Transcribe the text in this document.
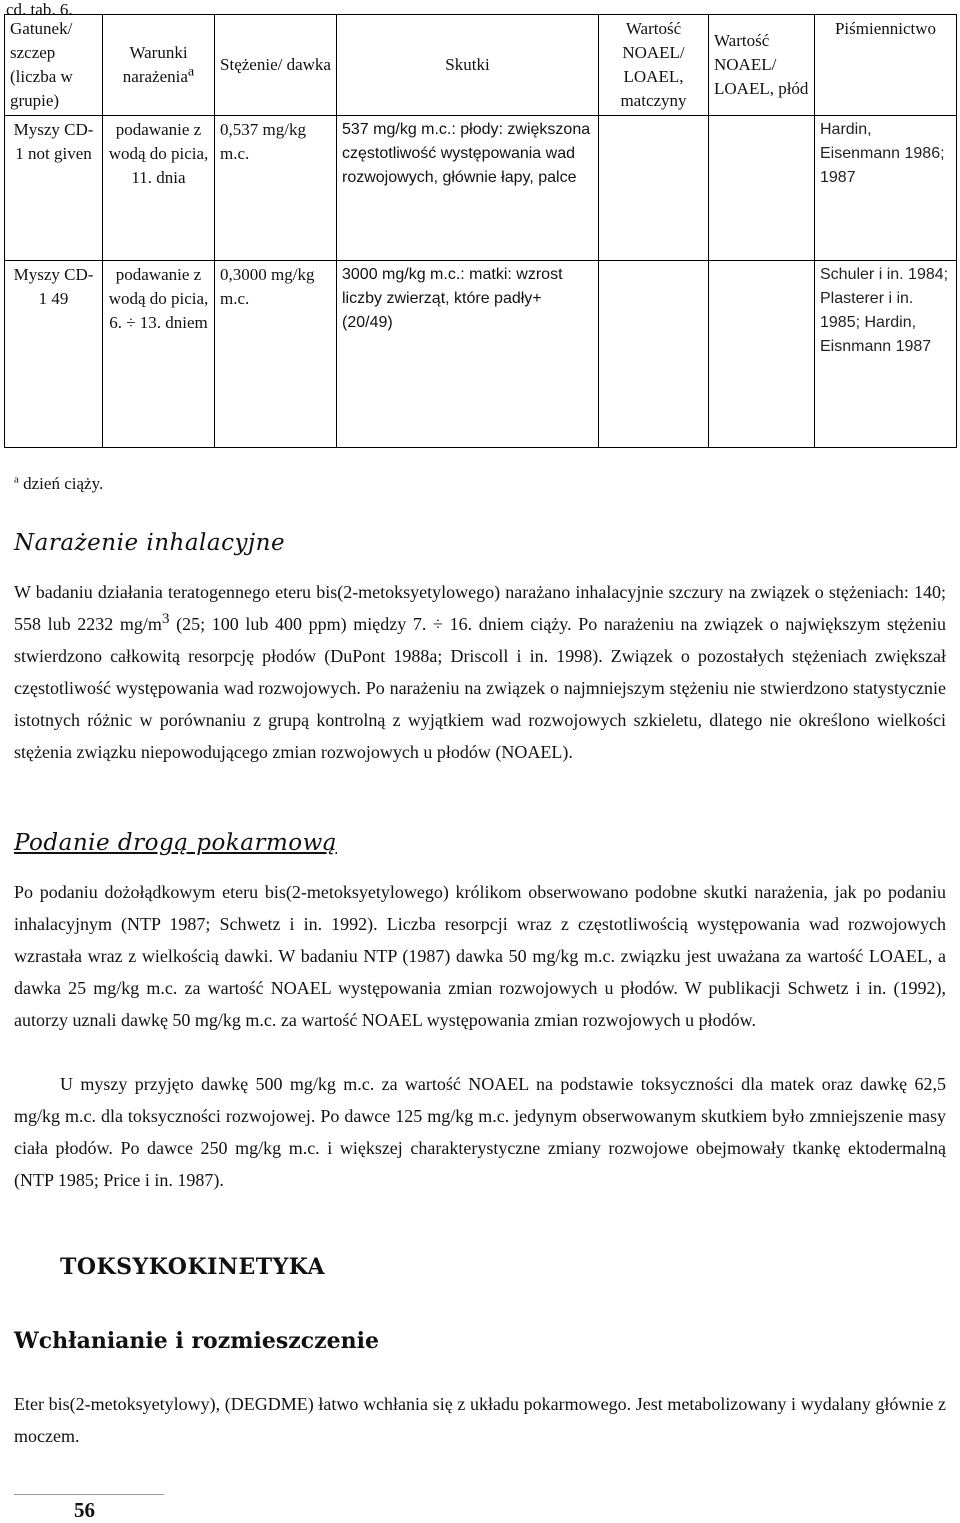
cd. tab. 6.
Gatunek/ szczep (liczba w grupie)	Warunki narażenia$^a$	Stężenie/ dawka	Skutki	Wartość NOAEL/ LOAEL, matczyny	Wartość NOAEL/ LOAEL, płód	Piśmiennictwo
Myszy CD-1 not given	podawanie z wodą do picia, 11. dnia	0,537 mg/kg m.c.	537 mg/kg m.c.: płody: zwiększona częstotliwość występowania wad rozwojowych, głównie łapy, palce			Hardin, Eisenmann 1986; 1987
Myszy CD-1 49	podawanie z wodą do picia, 6. ÷ 13. dniem	0,3000 mg/kg m.c.	3000 mg/kg m.c.: matki: wzrost liczby zwierząt, które padły+ (20/49)			Schuler i in. 1984; Plasterer i in. 1985; Hardin, Eisnmann 1987
$^a$ dzień ciąży.
Narażenie inhalacyjne

W badaniu działania teratogennego eteru bis(2-metoksyetylowego) narażano inhalacyjnie szczury na związek o stężeniach: 140; 558 lub 2232 $mg/m^3$ (25; 100 lub 400 ppm) między 7. ÷ 16. dniem ciąży. Po narażeniu na związek o największym stężeniu stwierdzono całkowitą resorpcję płodów (DuPont 1988a; Driscoll i in. 1998). Związek o pozostałych stężeniach zwiększał częstotliwość występowania wad rozwojowych. Po narażeniu na związek o najmniejszym stężeniu nie stwierdzono statystycznie istotnych różnic w porównaniu z grupą kontrolną z wyjątkiem wad rozwojowych szkieletu, dlatego nie określono wielkości stężenia związku niepowodującego zmian rozwojowych u płodów (NOAEL).

Podanie drogą pokarmową

Po podaniu dożołądkowym eteru bis(2-metoksyetylowego) królikom obserwowano podobne skutki narażenia, jak po podaniu inhalacyjnym (NTP 1987; Schwetz i in. 1992). Liczba resorpcji wraz z częstotliwością występowania wad rozwojowych wzrastała wraz z wielkością dawki. W badaniu NTP (1987) dawka 50 mg/kg m.c. związku jest uważana za wartość LOAEL, a dawka 25 mg/kg m.c. za wartość NOAEL występowania zmian rozwojowych u płodów. W publikacji Schwetz i in. (1992), autorzy uznali dawkę 50 mg/kg m.c. za wartość NOAEL występowania zmian rozwojowych u płodów.

U myszy przyjęto dawkę 500 mg/kg m.c. za wartość NOAEL na podstawie toksyczności dla matek oraz dawkę 62,5 mg/kg m.c. dla toksyczności rozwojowej. Po dawce 125 mg/kg m.c. jedynym obserwowanym skutkiem było zmniejszenie masy ciała płodów. Po dawce 250 mg/kg m.c. i większej charakterystyczne zmiany rozwojowe obejmowały tkankę ektodermalną (NTP 1985; Price i in. 1987).

TOKSYKOKINETYKA
Wchłanianie i rozmieszczenie

Eter bis(2-metoksyetylowy), (DEGDME) łatwo wchłania się z układu pokarmowego. Jest metabolizowany i wydalany głównie z moczem.

56
